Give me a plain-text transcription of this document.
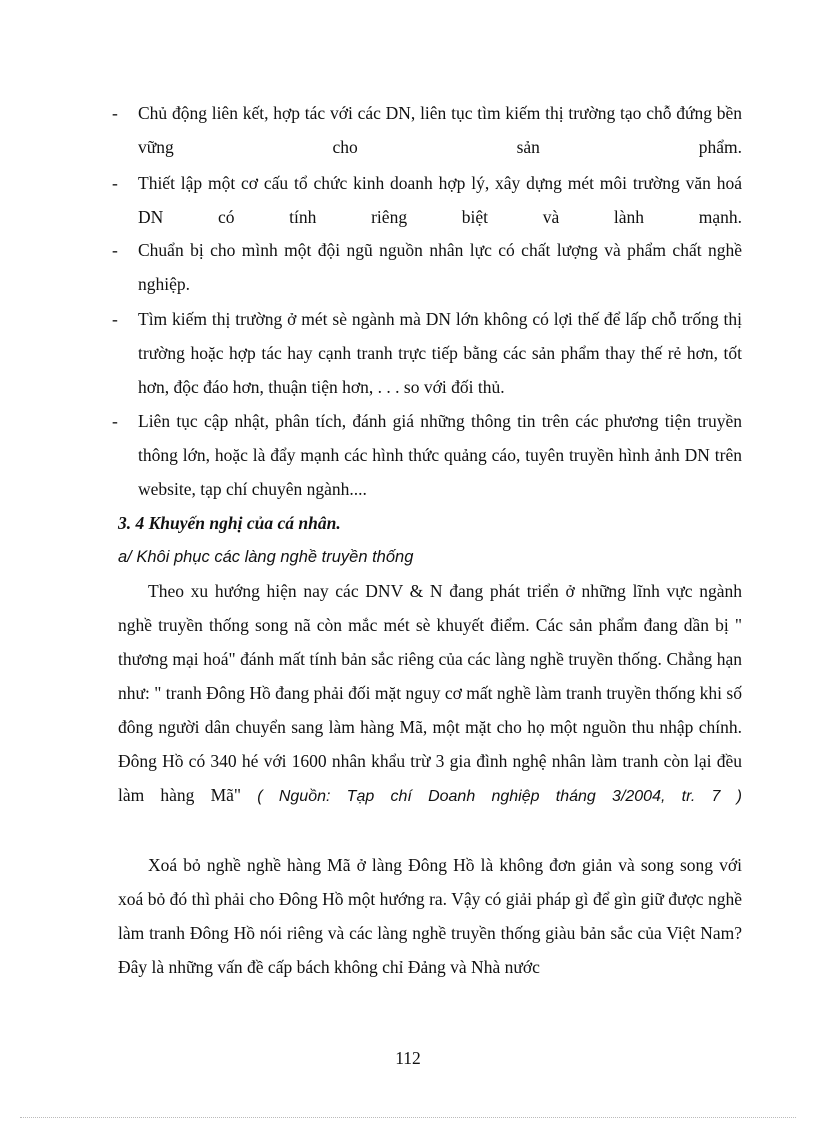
- Chủ động liên kết, hợp tác với các DN, liên tục tìm kiếm thị trường tạo chỗ đứng bền vững cho sản phẩm.
- Thiết lập một cơ cấu tổ chức kinh doanh hợp lý, xây dựng mét môi trường văn hoá DN có tính riêng biệt và lành mạnh.
- Chuẩn bị cho mình một đội ngũ nguồn nhân lực có chất lượng và phẩm chất nghề nghiệp.
- Tìm kiếm thị trường ở mét sè ngành mà DN lớn không có lợi thế để lấp chỗ trống thị trường hoặc hợp tác hay cạnh tranh trực tiếp bằng các sản phẩm thay thế rẻ hơn, tốt hơn, độc đáo hơn, thuận tiện hơn, . . . so với đối thủ.
- Liên tục cập nhật, phân tích, đánh giá những thông tin trên các phương tiện truyền thông lớn, hoặc là đẩy mạnh các hình thức quảng cáo, tuyên truyền hình ảnh DN trên website, tạp chí chuyên ngành....
3. 4 Khuyến nghị của cá nhân.
a/ Khôi phục các làng nghề truyền thống
Theo xu hướng hiện nay các DNV & N đang phát triển ở những lĩnh vực ngành nghề truyền thống song nã còn mắc mét sè khuyết điểm. Các sản phẩm đang dần bị " thương mại hoá" đánh mất tính bản sắc riêng của các làng nghề truyền thống. Chẳng hạn như: " tranh Đông Hồ đang phải đối mặt nguy cơ mất nghề làm tranh truyền thống khi số đông người dân chuyển sang làm hàng Mã, một mặt cho họ một nguồn thu nhập chính. Đông Hồ có 340 hé với 1600 nhân khẩu trừ 3 gia đình nghệ nhân làm tranh còn lại đều làm hàng Mã" ( Nguồn: Tạp chí Doanh nghiệp tháng 3/2004, tr. 7 )
Xoá bỏ nghề nghề hàng Mã ở làng Đông Hồ là không đơn giản và song song với xoá bỏ đó thì phải cho Đông Hồ một hướng ra. Vậy có giải pháp gì để gìn giữ được nghề làm tranh Đông Hồ nói riêng và các làng nghề truyền thống giàu bản sắc của Việt Nam? Đây là những vấn đề cấp bách không chỉ Đảng và Nhà nước
112
